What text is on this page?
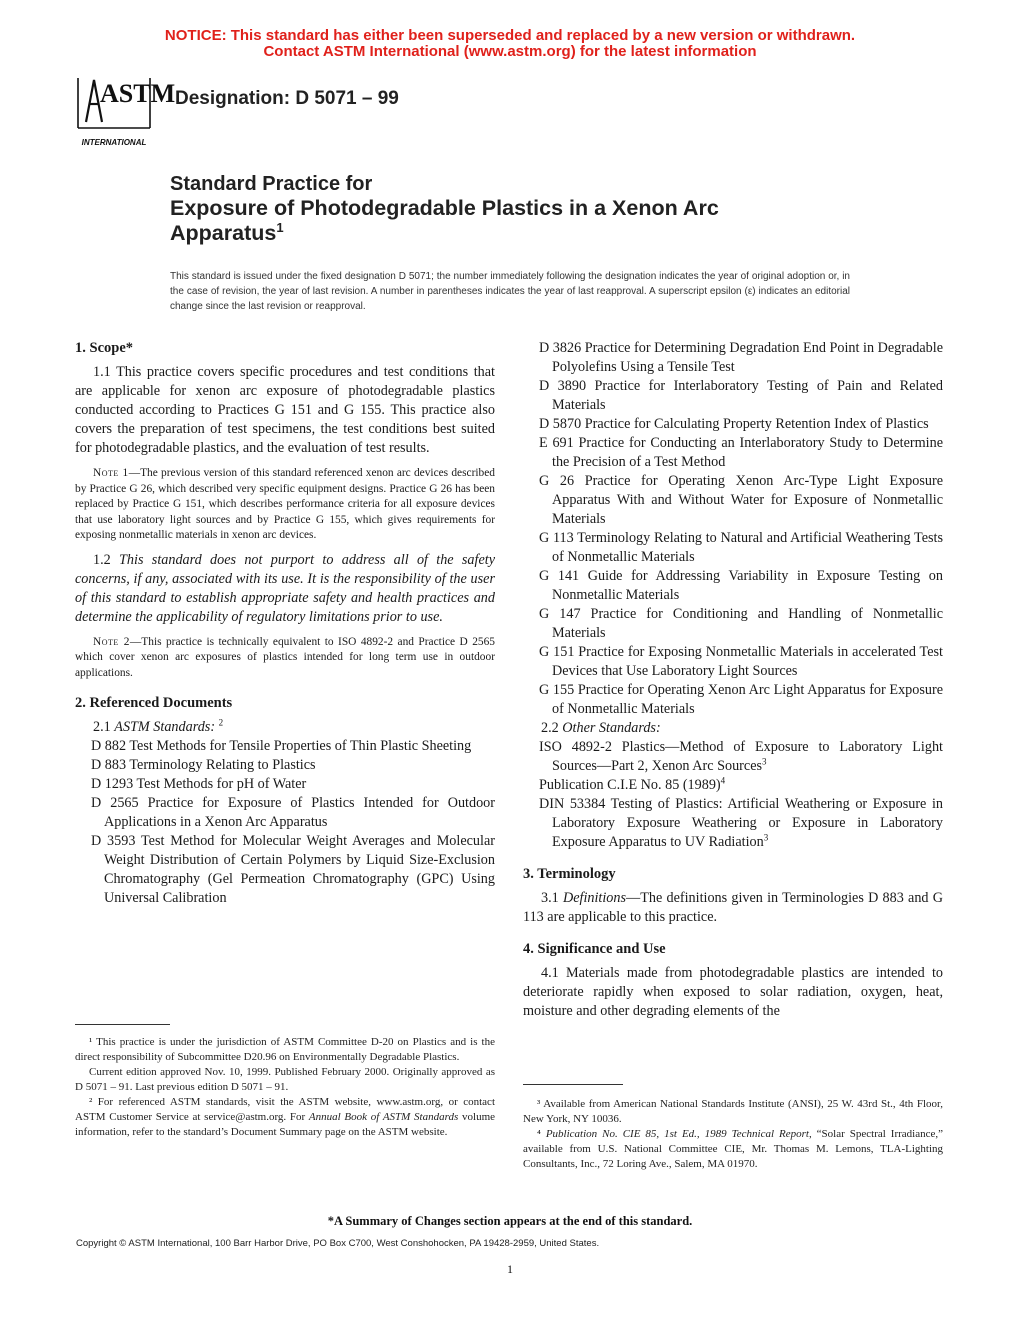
NOTICE: This standard has either been superseded and replaced by a new version or withdrawn.
Contact ASTM International (www.astm.org) for the latest information
ASTM
INTERNATIONAL
Designation: D 5071 – 99
Standard Practice for
Exposure of Photodegradable Plastics in a Xenon Arc
Apparatus$^1$
This standard is issued under the fixed designation D 5071; the number immediately following the designation indicates the year of original adoption or, in the case of revision, the year of last revision. A number in parentheses indicates the year of last reapproval. A superscript epsilon (ε) indicates an editorial change since the last revision or reapproval.

1. Scope*

1.1 This practice covers specific procedures and test conditions that are applicable for xenon arc exposure of photodegradable plastics conducted according to Practices G 151 and G 155. This practice also covers the preparation of test specimens, the test conditions best suited for photodegradable plastics, and the evaluation of test results.

Note 1—The previous version of this standard referenced xenon arc devices described by Practice G 26, which described very specific equipment designs. Practice G 26 has been replaced by Practice G 151, which describes performance criteria for all exposure devices that use laboratory light sources and by Practice G 155, which gives requirements for exposing nonmetallic materials in xenon arc devices.

1.2 This standard does not purport to address all of the safety concerns, if any, associated with its use. It is the responsibility of the user of this standard to establish appropriate safety and health practices and determine the applicability of regulatory limitations prior to use.

Note 2—This practice is technically equivalent to ISO 4892-2 and Practice D 2565 which cover xenon arc exposures of plastics intended for long term use in outdoor applications.

2. Referenced Documents

2.1 ASTM Standards: $^2$

D 882 Test Methods for Tensile Properties of Thin Plastic Sheeting

D 883 Terminology Relating to Plastics

D 1293 Test Methods for pH of Water

D 2565 Practice for Exposure of Plastics Intended for Outdoor Applications in a Xenon Arc Apparatus

D 3593 Test Method for Molecular Weight Averages and Molecular Weight Distribution of Certain Polymers by Liquid Size-Exclusion Chromatography (Gel Permeation Chromatography (GPC) Using Universal Calibration

¹ This practice is under the jurisdiction of ASTM Committee D-20 on Plastics and is the direct responsibility of Subcommittee D20.96 on Environmentally Degradable Plastics.

Current edition approved Nov. 10, 1999. Published February 2000. Originally approved as D 5071 – 91. Last previous edition D 5071 – 91.

² For referenced ASTM standards, visit the ASTM website, www.astm.org, or contact ASTM Customer Service at service@astm.org. For Annual Book of ASTM Standards volume information, refer to the standard’s Document Summary page on the ASTM website.

D 3826 Practice for Determining Degradation End Point in Degradable Polyolefins Using a Tensile Test

D 3890 Practice for Interlaboratory Testing of Pain and Related Materials

D 5870 Practice for Calculating Property Retention Index of Plastics

E 691 Practice for Conducting an Interlaboratory Study to Determine the Precision of a Test Method

G 26 Practice for Operating Xenon Arc-Type Light Exposure Apparatus With and Without Water for Exposure of Nonmetallic Materials

G 113 Terminology Relating to Natural and Artificial Weathering Tests of Nonmetallic Materials

G 141 Guide for Addressing Variability in Exposure Testing on Nonmetallic Materials

G 147 Practice for Conditioning and Handling of Nonmetallic Materials

G 151 Practice for Exposing Nonmetallic Materials in accelerated Test Devices that Use Laboratory Light Sources

G 155 Practice for Operating Xenon Arc Light Apparatus for Exposure of Nonmetallic Materials

2.2 Other Standards:

ISO 4892-2 Plastics—Method of Exposure to Laboratory Light Sources—Part 2, Xenon Arc Sources$^3$

Publication C.I.E No. 85 $(1989)^4$

DIN 53384 Testing of Plastics: Artificial Weathering or Exposure in Laboratory Exposure Weathering or Exposure in Laboratory Exposure Apparatus to UV Radiation$^3$

3. Terminology

3.1 Definitions—The definitions given in Terminologies D 883 and G 113 are applicable to this practice.

4. Significance and Use

4.1 Materials made from photodegradable plastics are intended to deteriorate rapidly when exposed to solar radiation, oxygen, heat, moisture and other degrading elements of the

³ Available from American National Standards Institute (ANSI), 25 W. 43rd St., 4th Floor, New York, NY 10036.

⁴ Publication No. CIE 85, 1st Ed., 1989 Technical Report, “Solar Spectral Irradiance,” available from U.S. National Committee CIE, Mr. Thomas M. Lemons, TLA-Lighting Consultants, Inc., 72 Loring Ave., Salem, MA 01970.

*A Summary of Changes section appears at the end of this standard.
Copyright © ASTM International, 100 Barr Harbor Drive, PO Box C700, West Conshohocken, PA 19428-2959, United States.
1
